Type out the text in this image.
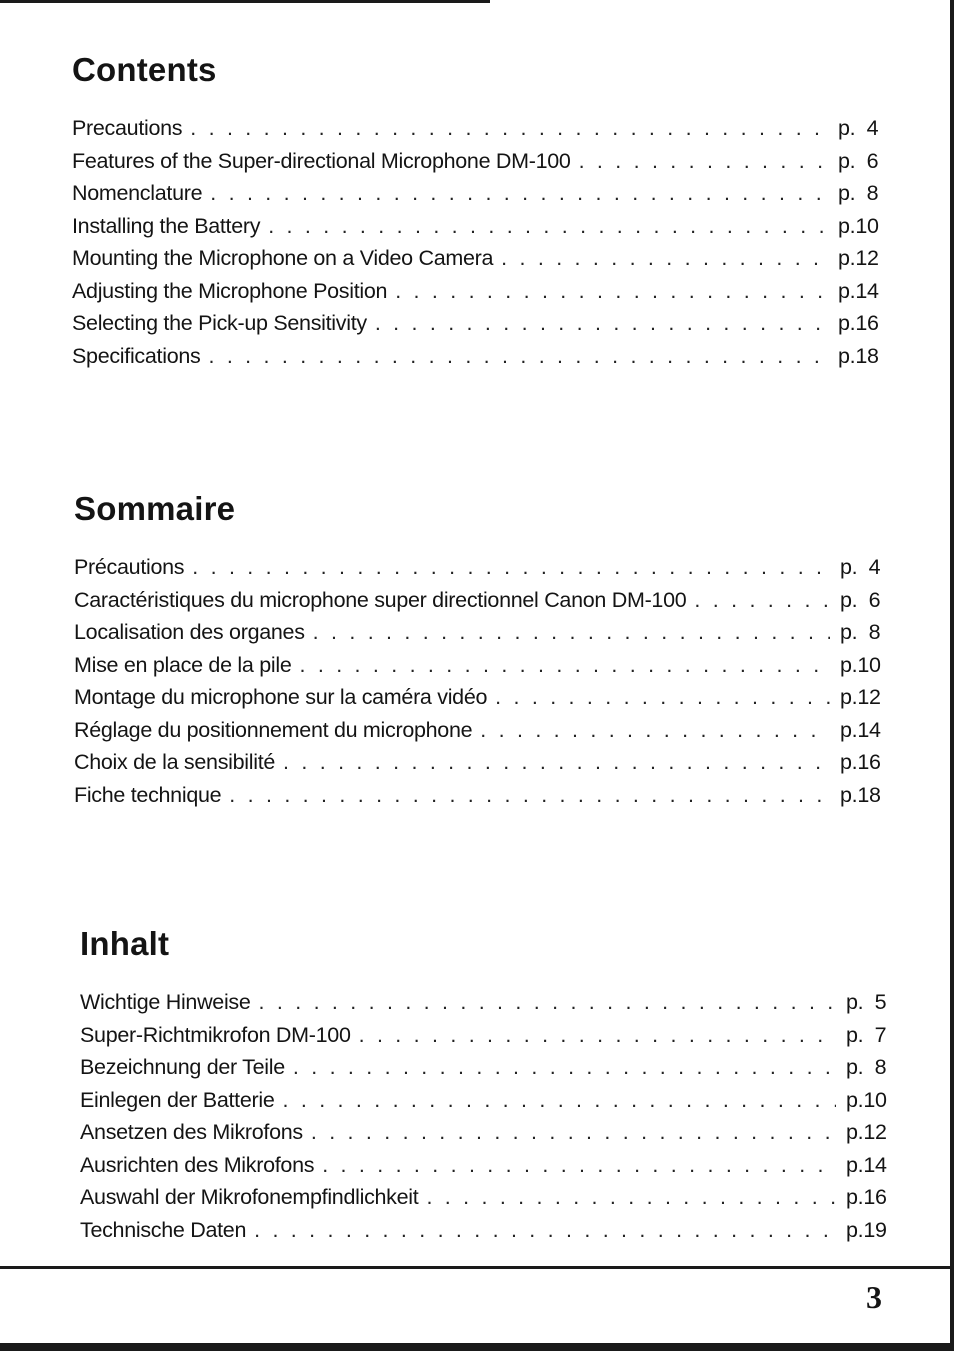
Contents
Precautions . . .	p.  4
Features of the Super-directional Microphone DM-100 . . .	p.  6
Nomenclature . . .	p.  8
Installing the Battery . . .	p.10
Mounting the Microphone on a Video Camera . . .	p.12
Adjusting the Microphone Position . . .	p.14
Selecting the Pick-up Sensitivity . . .	p.16
Specifications . . .	p.18
Sommaire
Précautions . . .	p.  4
Caractéristiques du microphone super directionnel Canon DM-100 . . .	p.  6
Localisation des organes . . .	p.  8
Mise en place de la pile . . .	p.10
Montage du microphone sur la caméra vidéo . . .	p.12
Réglage du positionnement du microphone . . .	p.14
Choix de la sensibilité . . .	p.16
Fiche technique . . .	p.18
Inhalt
Wichtige Hinweise . . .	p.  5
Super-Richtmikrofon DM-100 . . .	p.  7
Bezeichnung der Teile . . .	p.  8
Einlegen der Batterie . . .	p.10
Ansetzen des Mikrofons . . .	p.12
Ausrichten des Mikrofons . . .	p.14
Auswahl der Mikrofonempfindlichkeit . . .	p.16
Technische Daten . . .	p.19
3
